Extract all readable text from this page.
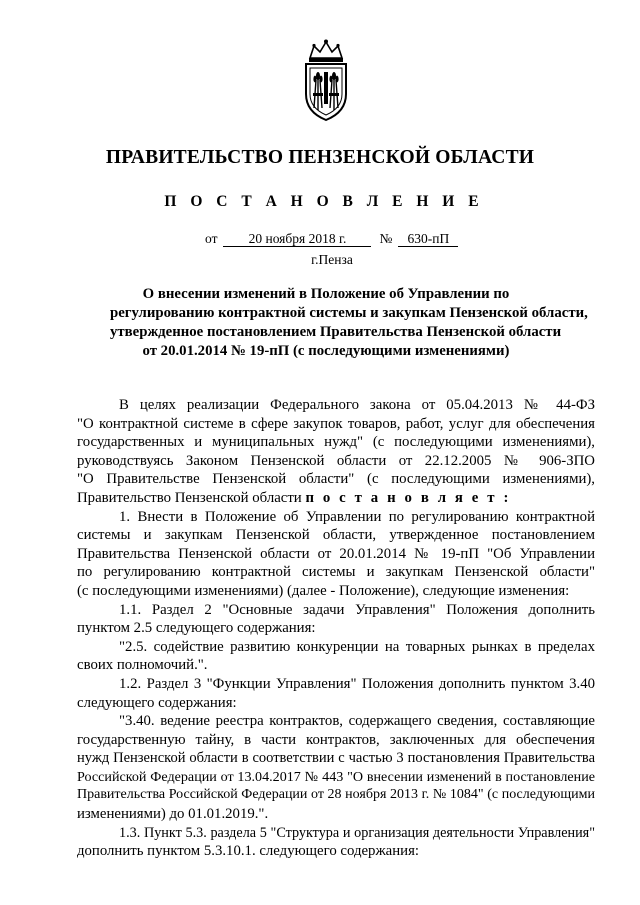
ПРАВИТЕЛЬСТВО ПЕНЗЕНСКОЙ ОБЛАСТИ
П О С Т А Н О В Л Е Н И Е
от	20 ноября 2018 г.	№	630-пП
г.Пенза
О внесении изменений в Положение об Управлении по
регулированию контрактной системы и закупкам Пензенской области,
утвержденное постановлением Правительства Пензенской области
от 20.01.2014 № 19-пП (с последующими изменениями)
В целях реализации Федерального закона от 05.04.2013 № 44-ФЗ
"О контрактной системе в сфере закупок товаров, работ, услуг для обеспечения
государственных и муниципальных нужд" (с последующими изменениями),
руководствуясь Законом Пензенской области от 22.12.2005 № 906-ЗПО
"О Правительстве Пензенской области" (с последующими изменениями),
Правительство Пензенской области п о с т а н о в л я е т :
1. Внести в Положение об Управлении по регулированию контрактной
системы и закупкам Пензенской области, утвержденное постановлением
Правительства Пензенской области от 20.01.2014 № 19-пП "Об Управлении
по регулированию контрактной системы и закупкам Пензенской области"
(с последующими изменениями) (далее - Положение), следующие изменения:
1.1. Раздел 2 "Основные задачи Управления" Положения дополнить
пунктом 2.5 следующего содержания:
"2.5. содействие развитию конкуренции на товарных рынках в пределах
своих полномочий.".
1.2. Раздел 3 "Функции Управления" Положения дополнить пунктом 3.40
следующего содержания:
"3.40. ведение реестра контрактов, содержащего сведения, составляющие
государственную тайну, в части контрактов, заключенных для обеспечения
нужд Пензенской области в соответствии с частью 3 постановления Правительства
Российской Федерации от 13.04.2017 № 443 "О внесении изменений в постановление
Правительства Российской Федерации от 28 ноября 2013 г. № 1084" (с последующими
изменениями) до 01.01.2019.".
1.3. Пункт 5.3. раздела 5 "Структура и организация деятельности Управления"
дополнить пунктом 5.3.10.1. следующего содержания:
